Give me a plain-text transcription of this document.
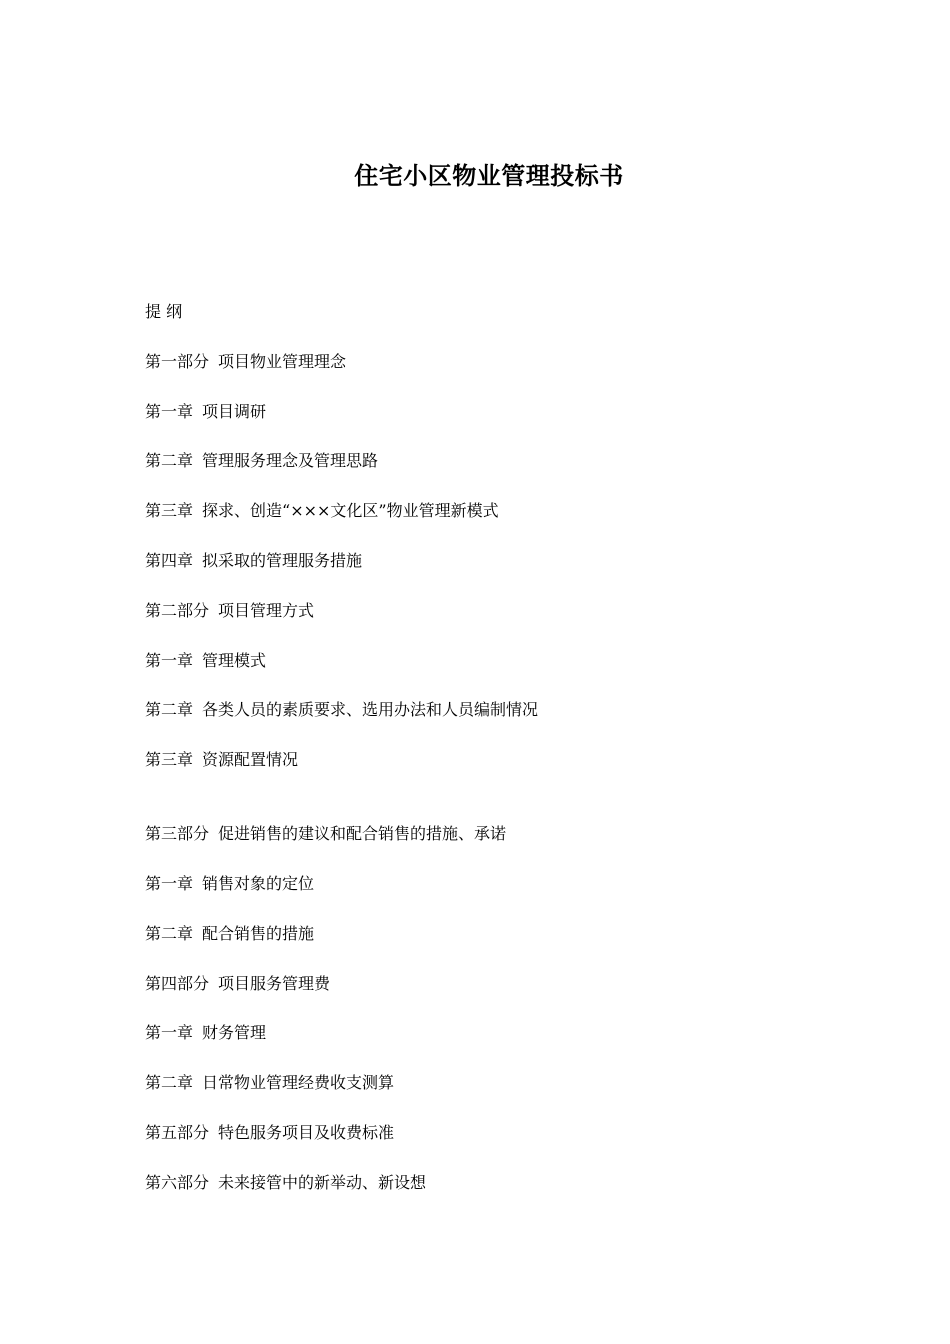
住宅小区物业管理投标书
提 纲
第一部分 项目物业管理理念
第一章 项目调研
第二章 管理服务理念及管理思路
第三章 探求、创造“×××文化区”物业管理新模式
第四章 拟采取的管理服务措施
第二部分 项目管理方式
第一章 管理模式
第二章 各类人员的素质要求、选用办法和人员编制情况
第三章 资源配置情况
第三部分 促进销售的建议和配合销售的措施、承诺
第一章 销售对象的定位
第二章 配合销售的措施
第四部分 项目服务管理费
第一章 财务管理
第二章 日常物业管理经费收支测算
第五部分 特色服务项目及收费标准
第六部分 未来接管中的新举动、新设想
